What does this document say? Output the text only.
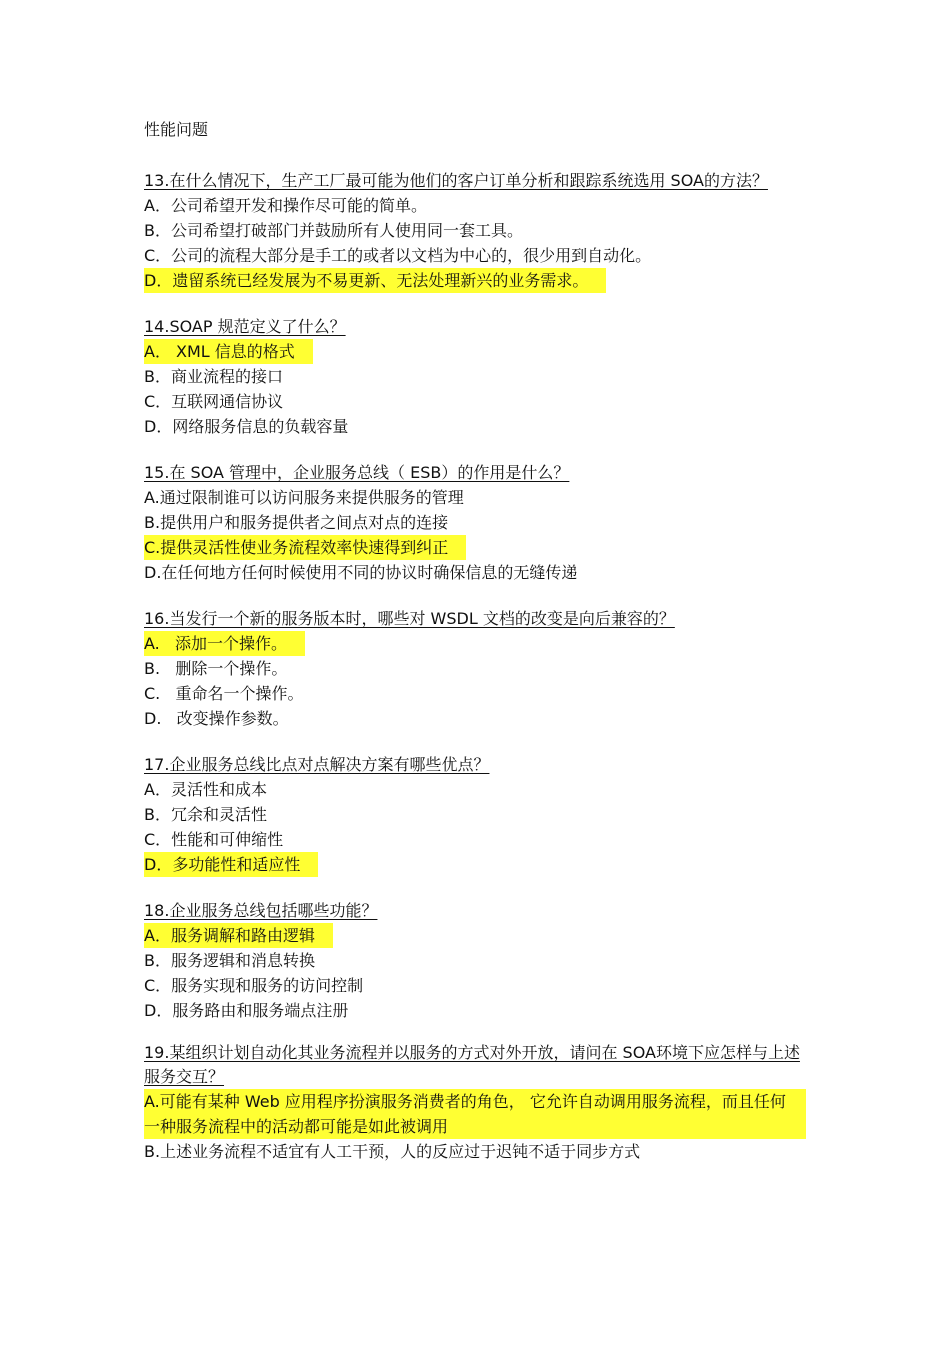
性能问题
13.在什么情况下，生产工厂最可能为他们的客户订单分析和跟踪系统选用 SOA的方法？
A．公司希望开发和操作尽可能的简单。
B．公司希望打破部门并鼓励所有人使用同一套工具。
C．公司的流程大部分是手工的或者以文档为中心的，很少用到自动化。
D．遗留系统已经发展为不易更新、无法处理新兴的业务需求。
14.SOAP 规范定义了什么？
A． XML 信息的格式
B．商业流程的接口
C．互联网通信协议
D．网络服务信息的负载容量
15.在 SOA 管理中，企业服务总线（ ESB）的作用是什么？
A.通过限制谁可以访问服务来提供服务的管理
B.提供用户和服务提供者之间点对点的连接
C.提供灵活性使业务流程效率快速得到纠正
D.在任何地方任何时候使用不同的协议时确保信息的无缝传递
16.当发行一个新的服务版本时，哪些对 WSDL 文档的改变是向后兼容的？
A.   添加一个操作。
B.   删除一个操作。
C.   重命名一个操作。
D.   改变操作参数。
17.企业服务总线比点对点解决方案有哪些优点？
A．灵活性和成本
B．冗余和灵活性
C．性能和可伸缩性
D．多功能性和适应性
18.企业服务总线包括哪些功能？
A．服务调解和路由逻辑
B．服务逻辑和消息转换
C．服务实现和服务的访问控制
D．服务路由和服务端点注册
19.某组织计划自动化其业务流程并以服务的方式对外开放，请问在 SOA环境下应怎样与上述服务交互？
A.可能有某种 Web 应用程序扮演服务消费者的角色， 它允许自动调用服务流程，而且任何一种服务流程中的活动都可能是如此被调用
B.上述业务流程不适宜有人工干预，人的反应过于迟钝不适于同步方式
